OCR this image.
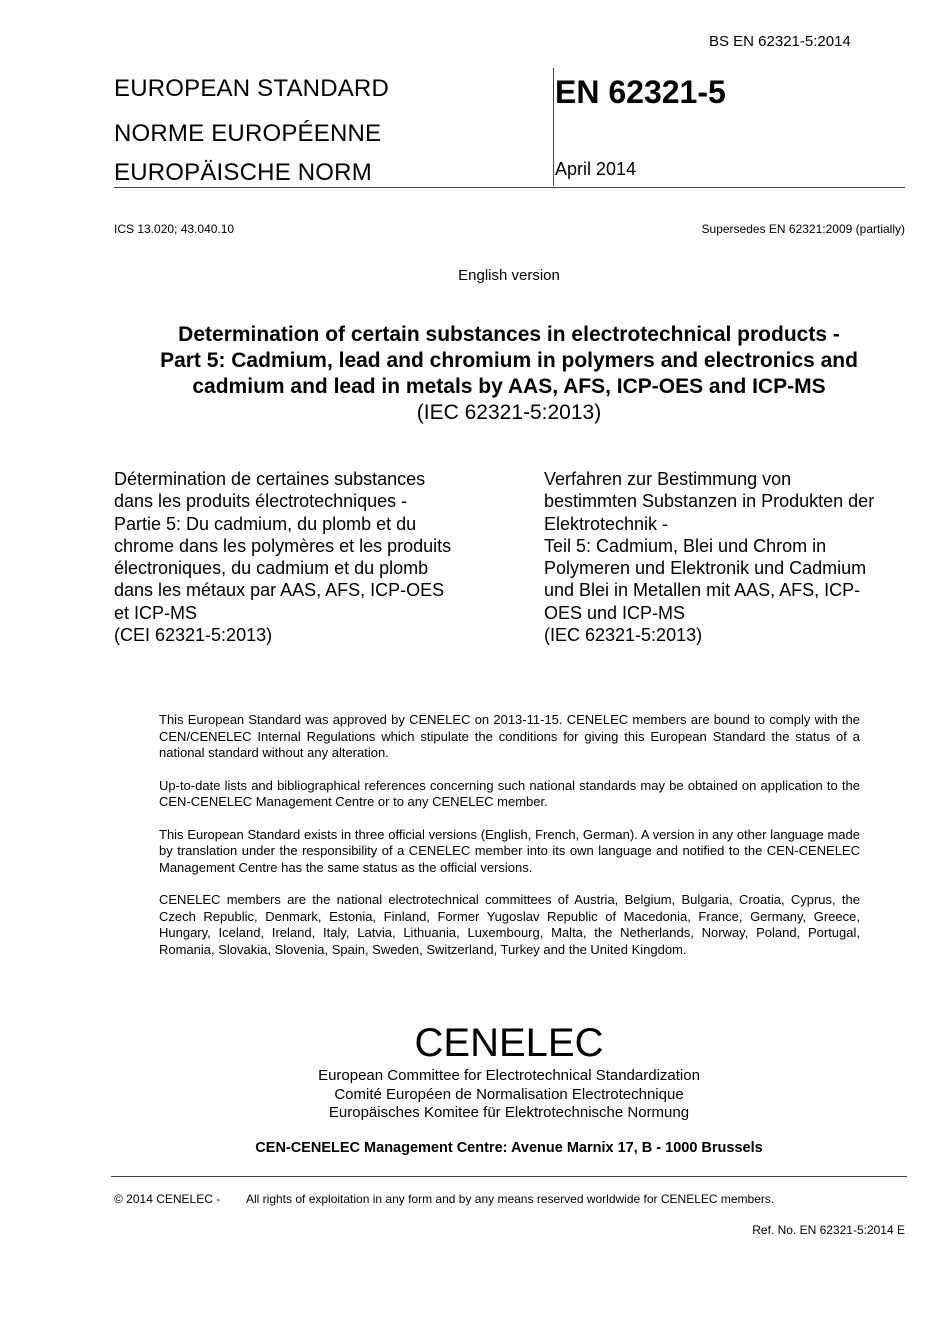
BS EN 62321-5:2014
EUROPEAN STANDARD
NORME EUROPÉENNE
EUROPÄISCHE NORM
EN 62321-5
April 2014
ICS 13.020; 43.040.10	Supersedes EN 62321:2009 (partially)
English version
Determination of certain substances in electrotechnical products -
Part 5: Cadmium, lead and chromium in polymers and electronics and
cadmium and lead in metals by AAS, AFS, ICP-OES and ICP-MS
(IEC 62321-5:2013)
Détermination de certaines substances
dans les produits électrotechniques -
Partie 5: Du cadmium, du plomb et du
chrome dans les polymères et les produits
électroniques, du cadmium et du plomb
dans les métaux par AAS, AFS, ICP-OES
et ICP-MS
(CEI 62321-5:2013)
Verfahren zur Bestimmung von
bestimmten Substanzen in Produkten der
Elektrotechnik -
Teil 5: Cadmium, Blei und Chrom in
Polymeren und Elektronik und Cadmium
und Blei in Metallen mit AAS, AFS, ICP-
OES und ICP-MS
(IEC 62321-5:2013)

This European Standard was approved by CENELEC on 2013-11-15. CENELEC members are bound to comply with the CEN/CENELEC Internal Regulations which stipulate the conditions for giving this European Standard the status of a national standard without any alteration.

Up-to-date lists and bibliographical references concerning such national standards may be obtained on application to the CEN-CENELEC Management Centre or to any CENELEC member.

This European Standard exists in three official versions (English, French, German). A version in any other language made by translation under the responsibility of a CENELEC member into its own language and notified to the CEN-CENELEC Management Centre has the same status as the official versions.

CENELEC members are the national electrotechnical committees of Austria, Belgium, Bulgaria, Croatia, Cyprus, the Czech Republic, Denmark, Estonia, Finland, Former Yugoslav Republic of Macedonia, France, Germany, Greece, Hungary, Iceland, Ireland, Italy, Latvia, Lithuania, Luxembourg, Malta, the Netherlands, Norway, Poland, Portugal, Romania, Slovakia, Slovenia, Spain, Sweden, Switzerland, Turkey and the United Kingdom.

CENELEC
European Committee for Electrotechnical Standardization
Comité Européen de Normalisation Electrotechnique
Europäisches Komitee für Elektrotechnische Normung
CEN-CENELEC Management Centre: Avenue Marnix 17, B - 1000 Brussels
© 2014 CENELEC - All rights of exploitation in any form and by any means reserved worldwide for CENELEC members.
Ref. No. EN 62321-5:2014 E
